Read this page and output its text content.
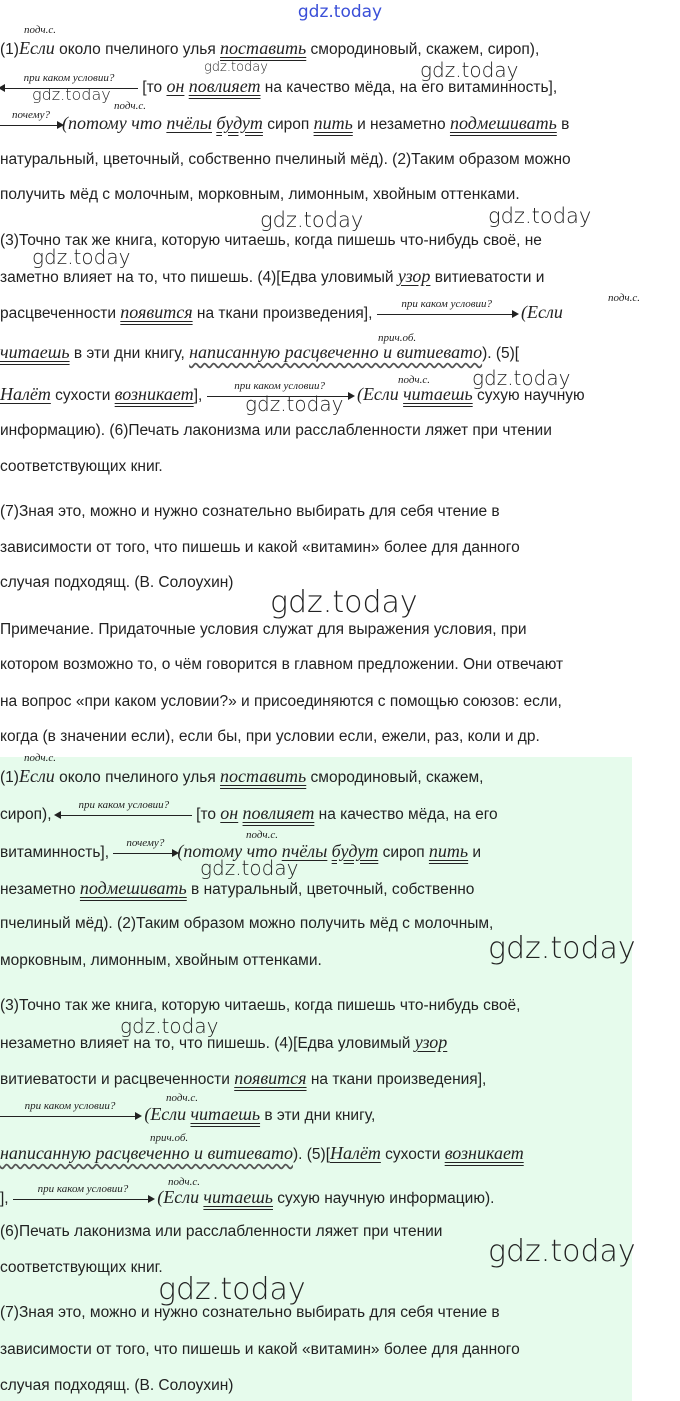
gdz.today
подч.с.
(1)Если около пчелиного улья поставить смородиновый, скажем, сироп),
при каком условии?
[то он повлияет на качество мёда, на его витаминность],
подч.с.
почему? (потому что пчёлы будут сироп пить и незаметно подмешивать в
натуральный, цветочный, собственно пчелиный мёд). (2)Таким образом можно
получить мёд с молочным, морковным, лимонным, хвойным оттенками.
(3)Точно так же книга, которую читаешь, когда пишешь что-нибудь своё, не
заметно влияет на то, что пишешь. (4)[Едва уловимый узор витиеватости и
подч.с.
расцвеченности появится на ткани произведения],
при каком условии?	(Если
прич.об.
читаешь в эти дни книгу, написанную расцвеченно и витиевато). (5)[
подч.с.
Налёт сухости возникает],
при каком условии?	(Если читаешь сухую научную
информацию). (6)Печать лаконизма или расслабленности ляжет при чтении
соответствующих книг.
(7)Зная это, можно и нужно сознательно выбирать для себя чтение в
зависимости от того, что пишешь и какой «витамин» более для данного
случая подходящ. (В. Солоухин)
Примечание. Придаточные условия служат для выражения условия, при
котором возможно то, о чём говорится в главном предложении. Они отвечают
на вопрос «при каком условии?» и присоединяются с помощью союзов: если,
когда (в значении если), если бы, при условии если, ежели, раз, коли и др.
подч.с.
(1)Если около пчелиного улья поставить смородиновый, скажем,
сироп),
при каком условии?
[то он повлияет на качество мёда, на его
подч.с.
витаминность],
почему? (потому что пчёлы будут сироп пить и
незаметно подмешивать в натуральный, цветочный, собственно
пчелиный мёд). (2)Таким образом можно получить мёд с молочным,
морковным, лимонным, хвойным оттенками.
(3)Точно так же книга, которую читаешь, когда пишешь что-нибудь своё,
незаметно влияет на то, что пишешь. (4)[Едва уловимый узор
витиеватости и расцвеченности появится на ткани произведения],
подч.с.
при каком условии?	(Если читаешь в эти дни книгу,
прич.об.
написанную расцвеченно и витиевато). (5)[Налёт сухости возникает
подч.с.
],
при каком условии?	(Если читаешь сухую научную информацию).
(6)Печать лаконизма или расслабленности ляжет при чтении
соответствующих книг.
(7)Зная это, можно и нужно сознательно выбирать для себя чтение в
зависимости от того, что пишешь и какой «витамин» более для данного
случая подходящ. (В. Солоухин)
gdz.today	gdz.today
gdz.today
gdz.today	gdz.today
gdz.today
gdz.today
gdz.today
gdz.today
gdz.today
gdz.today
gdz.today
gdz.today
gdz.today
